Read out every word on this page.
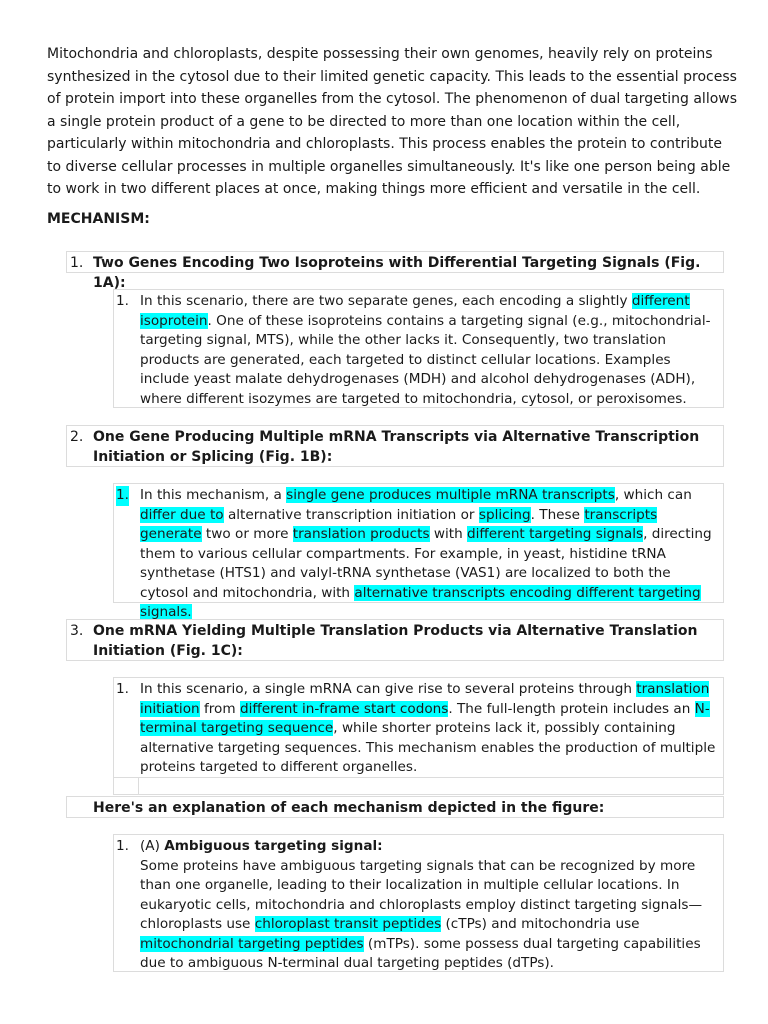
Mitochondria and chloroplasts, despite possessing their own genomes, heavily rely on proteins synthesized in the cytosol due to their limited genetic capacity. This leads to the essential process of protein import into these organelles from the cytosol. The phenomenon of dual targeting allows a single protein product of a gene to be directed to more than one location within the cell, particularly within mitochondria and chloroplasts. This process enables the protein to contribute to diverse cellular processes in multiple organelles simultaneously. It's like one person being able to work in two different places at once, making things more efficient and versatile in the cell.
MECHANISM:
1. Two Genes Encoding Two Isoproteins with Differential Targeting Signals (Fig. 1A):
1. In this scenario, there are two separate genes, each encoding a slightly different isoprotein. One of these isoproteins contains a targeting signal (e.g., mitochondrial-targeting signal, MTS), while the other lacks it. Consequently, two translation products are generated, each targeted to distinct cellular locations. Examples include yeast malate dehydrogenases (MDH) and alcohol dehydrogenases (ADH), where different isozymes are targeted to mitochondria, cytosol, or peroxisomes.
2. One Gene Producing Multiple mRNA Transcripts via Alternative Transcription Initiation or Splicing (Fig. 1B):
1. In this mechanism, a single gene produces multiple mRNA transcripts, which can differ due to alternative transcription initiation or splicing. These transcripts generate two or more translation products with different targeting signals, directing them to various cellular compartments. For example, in yeast, histidine tRNA synthetase (HTS1) and valyl-tRNA synthetase (VAS1) are localized to both the cytosol and mitochondria, with alternative transcripts encoding different targeting signals.
3. One mRNA Yielding Multiple Translation Products via Alternative Translation Initiation (Fig. 1C):
1. In this scenario, a single mRNA can give rise to several proteins through translation initiation from different in-frame start codons. The full-length protein includes an N-terminal targeting sequence, while shorter proteins lack it, possibly containing alternative targeting sequences. This mechanism enables the production of multiple proteins targeted to different organelles.
Here's an explanation of each mechanism depicted in the figure:
1. (A) Ambiguous targeting signal:
Some proteins have ambiguous targeting signals that can be recognized by more than one organelle, leading to their localization in multiple cellular locations. In eukaryotic cells, mitochondria and chloroplasts employ distinct targeting signals—chloroplasts use chloroplast transit peptides (cTPs) and mitochondria use mitochondrial targeting peptides (mTPs). some possess dual targeting capabilities due to ambiguous N-terminal dual targeting peptides (dTPs).
